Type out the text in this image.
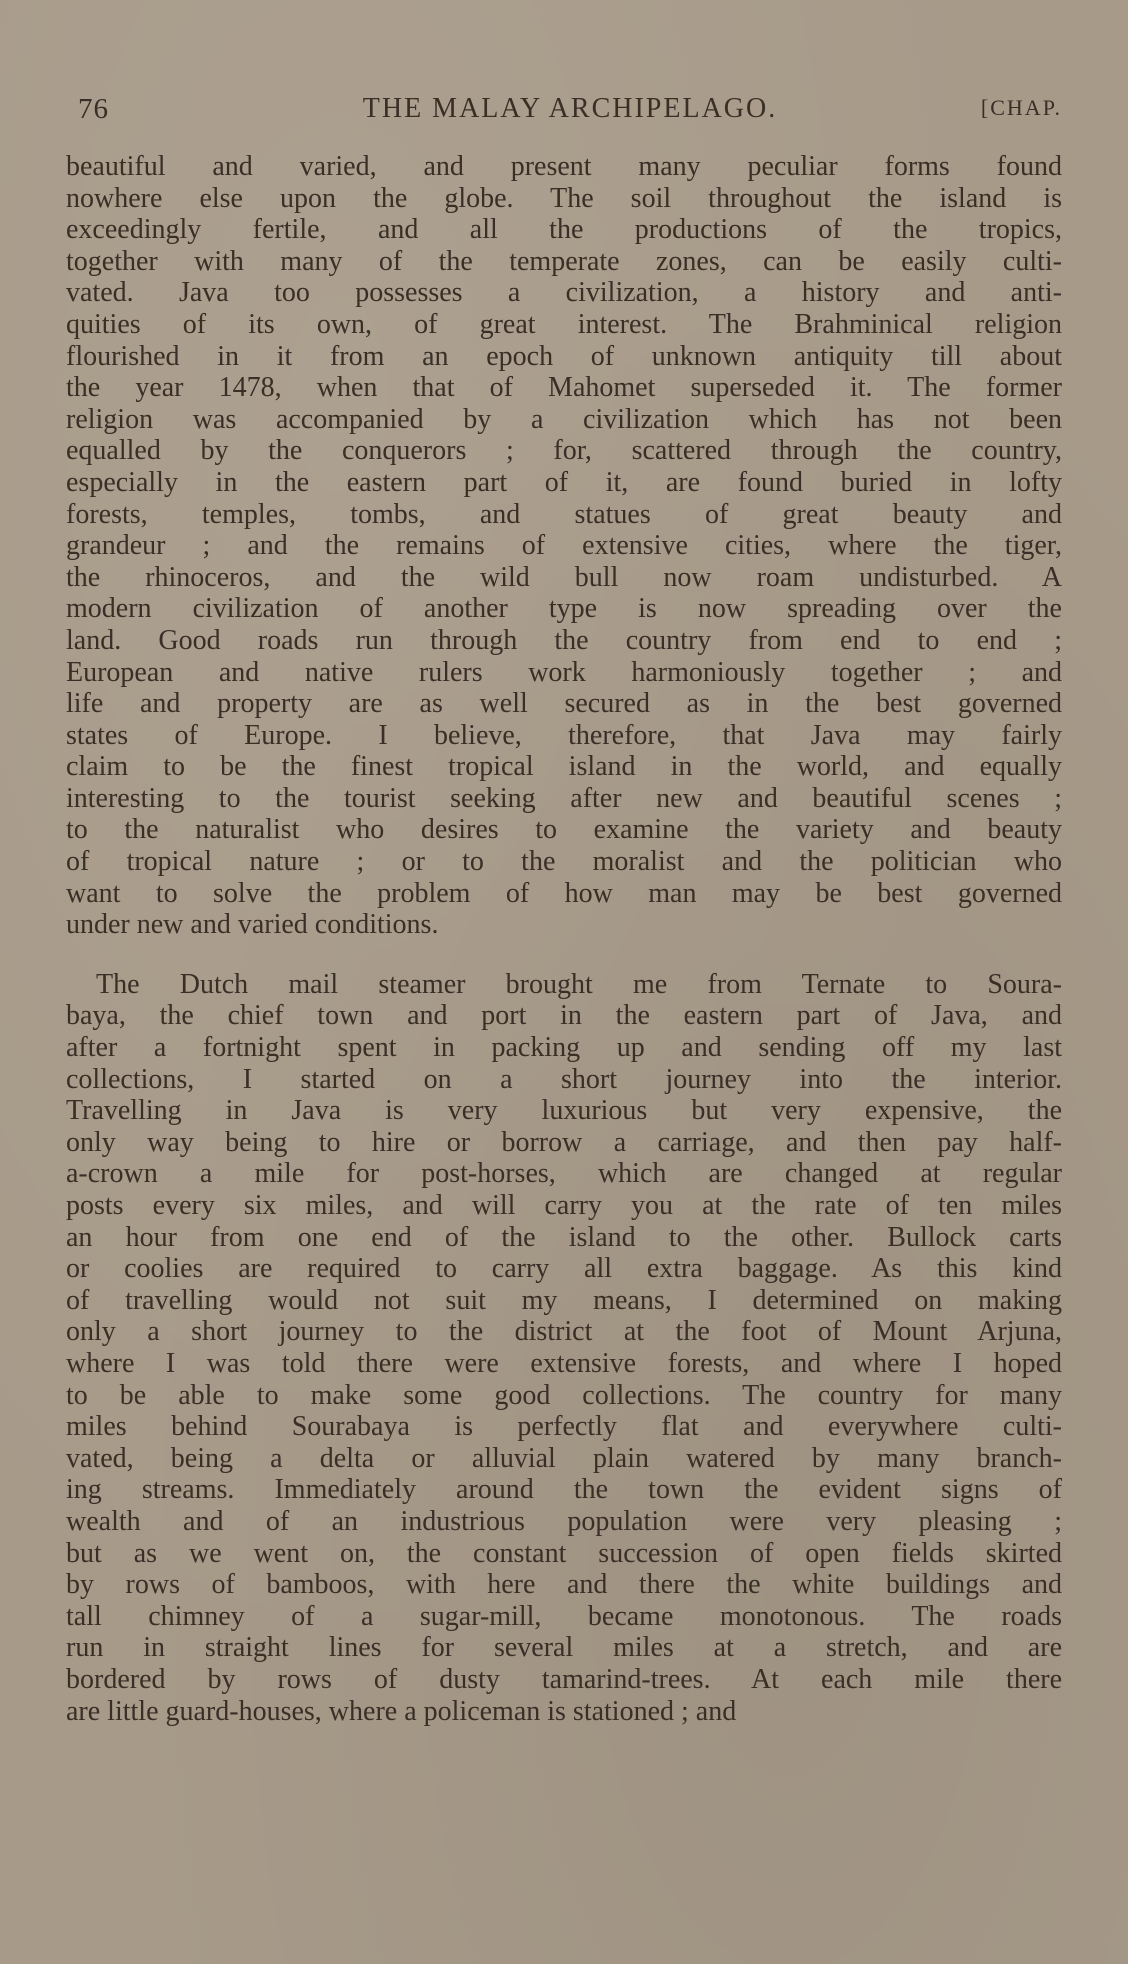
76	THE MALAY ARCHIPELAGO.	[CHAP.
beautiful and varied, and present many peculiar forms found
nowhere else upon the globe. The soil throughout the island is
exceedingly fertile, and all the productions of the tropics,
together with many of the temperate zones, can be easily culti-
vated. Java too possesses a civilization, a history and anti-
quities of its own, of great interest. The Brahminical religion
flourished in it from an epoch of unknown antiquity till about
the year 1478, when that of Mahomet superseded it. The former
religion was accompanied by a civilization which has not been
equalled by the conquerors ; for, scattered through the country,
especially in the eastern part of it, are found buried in lofty
forests, temples, tombs, and statues of great beauty and
grandeur ; and the remains of extensive cities, where the tiger,
the rhinoceros, and the wild bull now roam undisturbed. A
modern civilization of another type is now spreading over the
land. Good roads run through the country from end to end ;
European and native rulers work harmoniously together ; and
life and property are as well secured as in the best governed
states of Europe. I believe, therefore, that Java may fairly
claim to be the finest tropical island in the world, and equally
interesting to the tourist seeking after new and beautiful scenes ;
to the naturalist who desires to examine the variety and beauty
of tropical nature ; or to the moralist and the politician who
want to solve the problem of how man may be best governed
under new and varied conditions.
The Dutch mail steamer brought me from Ternate to Soura-
baya, the chief town and port in the eastern part of Java, and
after a fortnight spent in packing up and sending off my last
collections, I started on a short journey into the interior.
Travelling in Java is very luxurious but very expensive, the
only way being to hire or borrow a carriage, and then pay half-
a-crown a mile for post-horses, which are changed at regular
posts every six miles, and will carry you at the rate of ten miles
an hour from one end of the island to the other. Bullock carts
or coolies are required to carry all extra baggage. As this kind
of travelling would not suit my means, I determined on making
only a short journey to the district at the foot of Mount Arjuna,
where I was told there were extensive forests, and where I hoped
to be able to make some good collections. The country for many
miles behind Sourabaya is perfectly flat and everywhere culti-
vated, being a delta or alluvial plain watered by many branch-
ing streams. Immediately around the town the evident signs of
wealth and of an industrious population were very pleasing ;
but as we went on, the constant succession of open fields skirted
by rows of bamboos, with here and there the white buildings and
tall chimney of a sugar-mill, became monotonous. The roads
run in straight lines for several miles at a stretch, and are
bordered by rows of dusty tamarind-trees. At each mile there
are little guard-houses, where a policeman is stationed ; and
